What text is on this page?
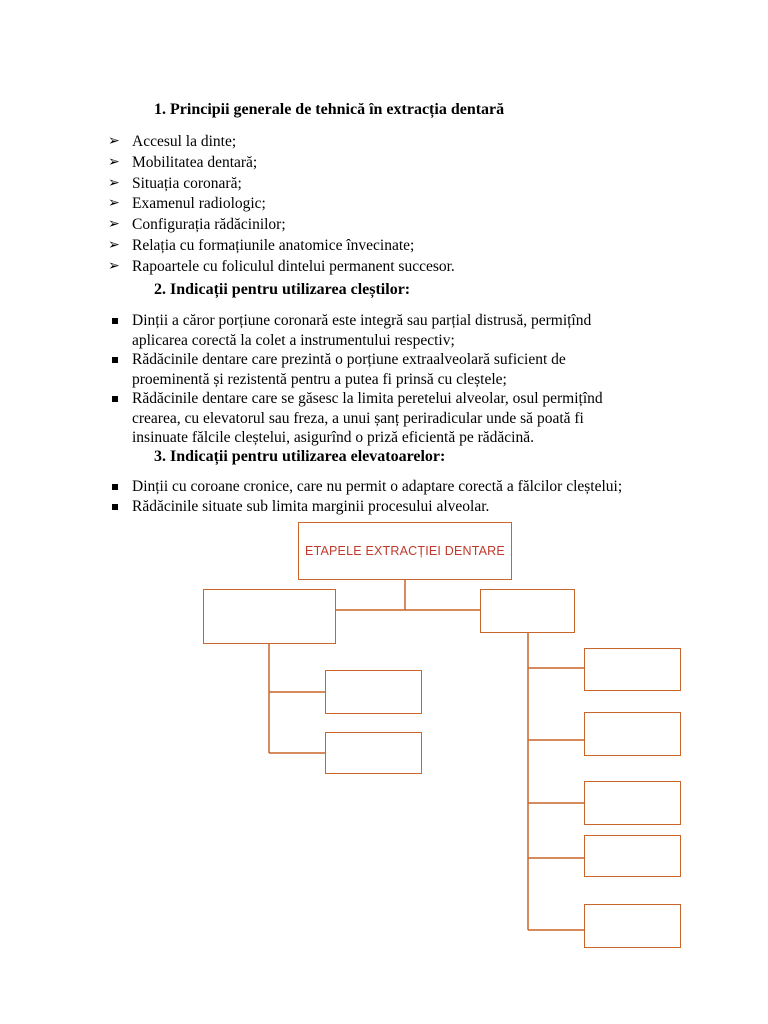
1. Principii generale de tehnică în extracția dentară
➢ Accesul la dinte;
➢ Mobilitatea dentară;
➢ Situația coronară;
➢ Examenul radiologic;
➢ Configurația rădăcinilor;
➢ Relația cu formațiunile anatomice învecinate;
➢ Rapoartele cu foliculul dintelui permanent succesor.
2. Indicații pentru utilizarea cleștilor:
Dinții a căror porțiune coronară este integră sau parțial distrusă, permițînd
aplicarea corectă la colet a instrumentului respectiv;
Rădăcinile dentare care prezintă o porțiune extraalveolară suficient de
proeminentă și rezistentă pentru a putea fi prinsă cu cleștele;
Rădăcinile dentare care se găsesc la limita peretelui alveolar, osul permițînd
crearea, cu elevatorul sau freza, a unui șanț periradicular unde să poată fi
insinuate fălcile cleștelui, asigurînd o priză eficientă pe rădăcină.
3. Indicații pentru utilizarea elevatoarelor:
Dinții cu coroane cronice, care nu permit o adaptare corectă a fălcilor cleștelui;
Rădăcinile situate sub limita marginii procesului alveolar.
ETAPELE EXTRACȚIEI DENTARE
